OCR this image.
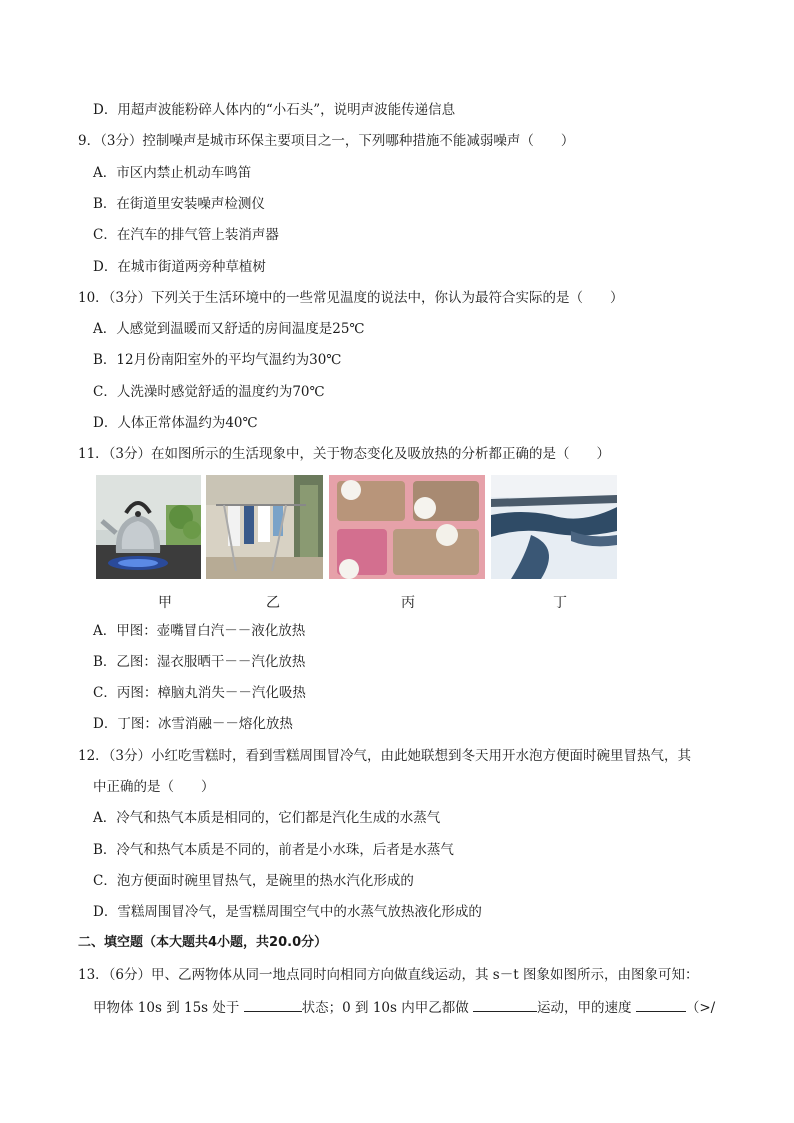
D．用超声波能粉碎人体内的“小石头”，说明声波能传递信息
9．（3分）控制噪声是城市环保主要项目之一，下列哪种措施不能减弱噪声（　　）
A．市区内禁止机动车鸣笛
B．在街道里安装噪声检测仪
C．在汽车的排气管上装消声器
D．在城市街道两旁种草植树
10．（3分）下列关于生活环境中的一些常见温度的说法中，你认为最符合实际的是（　　）
A．人感觉到温暖而又舒适的房间温度是25℃
B．12月份南阳室外的平均气温约为30℃
C．人洗澡时感觉舒适的温度约为70℃
D．人体正常体温约为40℃
11．（3分）在如图所示的生活现象中，关于物态变化及吸放热的分析都正确的是（　　）
甲	乙	丙	丁
A．甲图：壶嘴冒白汽－－液化放热
B．乙图：湿衣服晒干－－汽化放热
C．丙图：樟脑丸消失－－汽化吸热
D．丁图：冰雪消融－－熔化放热
12．（3分）小红吃雪糕时，看到雪糕周围冒冷气，由此她联想到冬天用开水泡方便面时碗里冒热气，其
中正确的是（　　）
A．冷气和热气本质是相同的，它们都是汽化生成的水蒸气
B．冷气和热气本质是不同的，前者是小水珠，后者是水蒸气
C．泡方便面时碗里冒热气，是碗里的热水汽化形成的
D．雪糕周围冒冷气，是雪糕周围空气中的水蒸气放热液化形成的
二、填空题（本大题共4小题，共20.0分）
13．（6分）甲、乙两物体从同一地点同时向相同方向做直线运动，其 s－t 图象如图所示，由图象可知：
甲物体 10s 到 15s 处于	状态；0 到 10s 内甲乙都做	运动，甲的速度	（>/
